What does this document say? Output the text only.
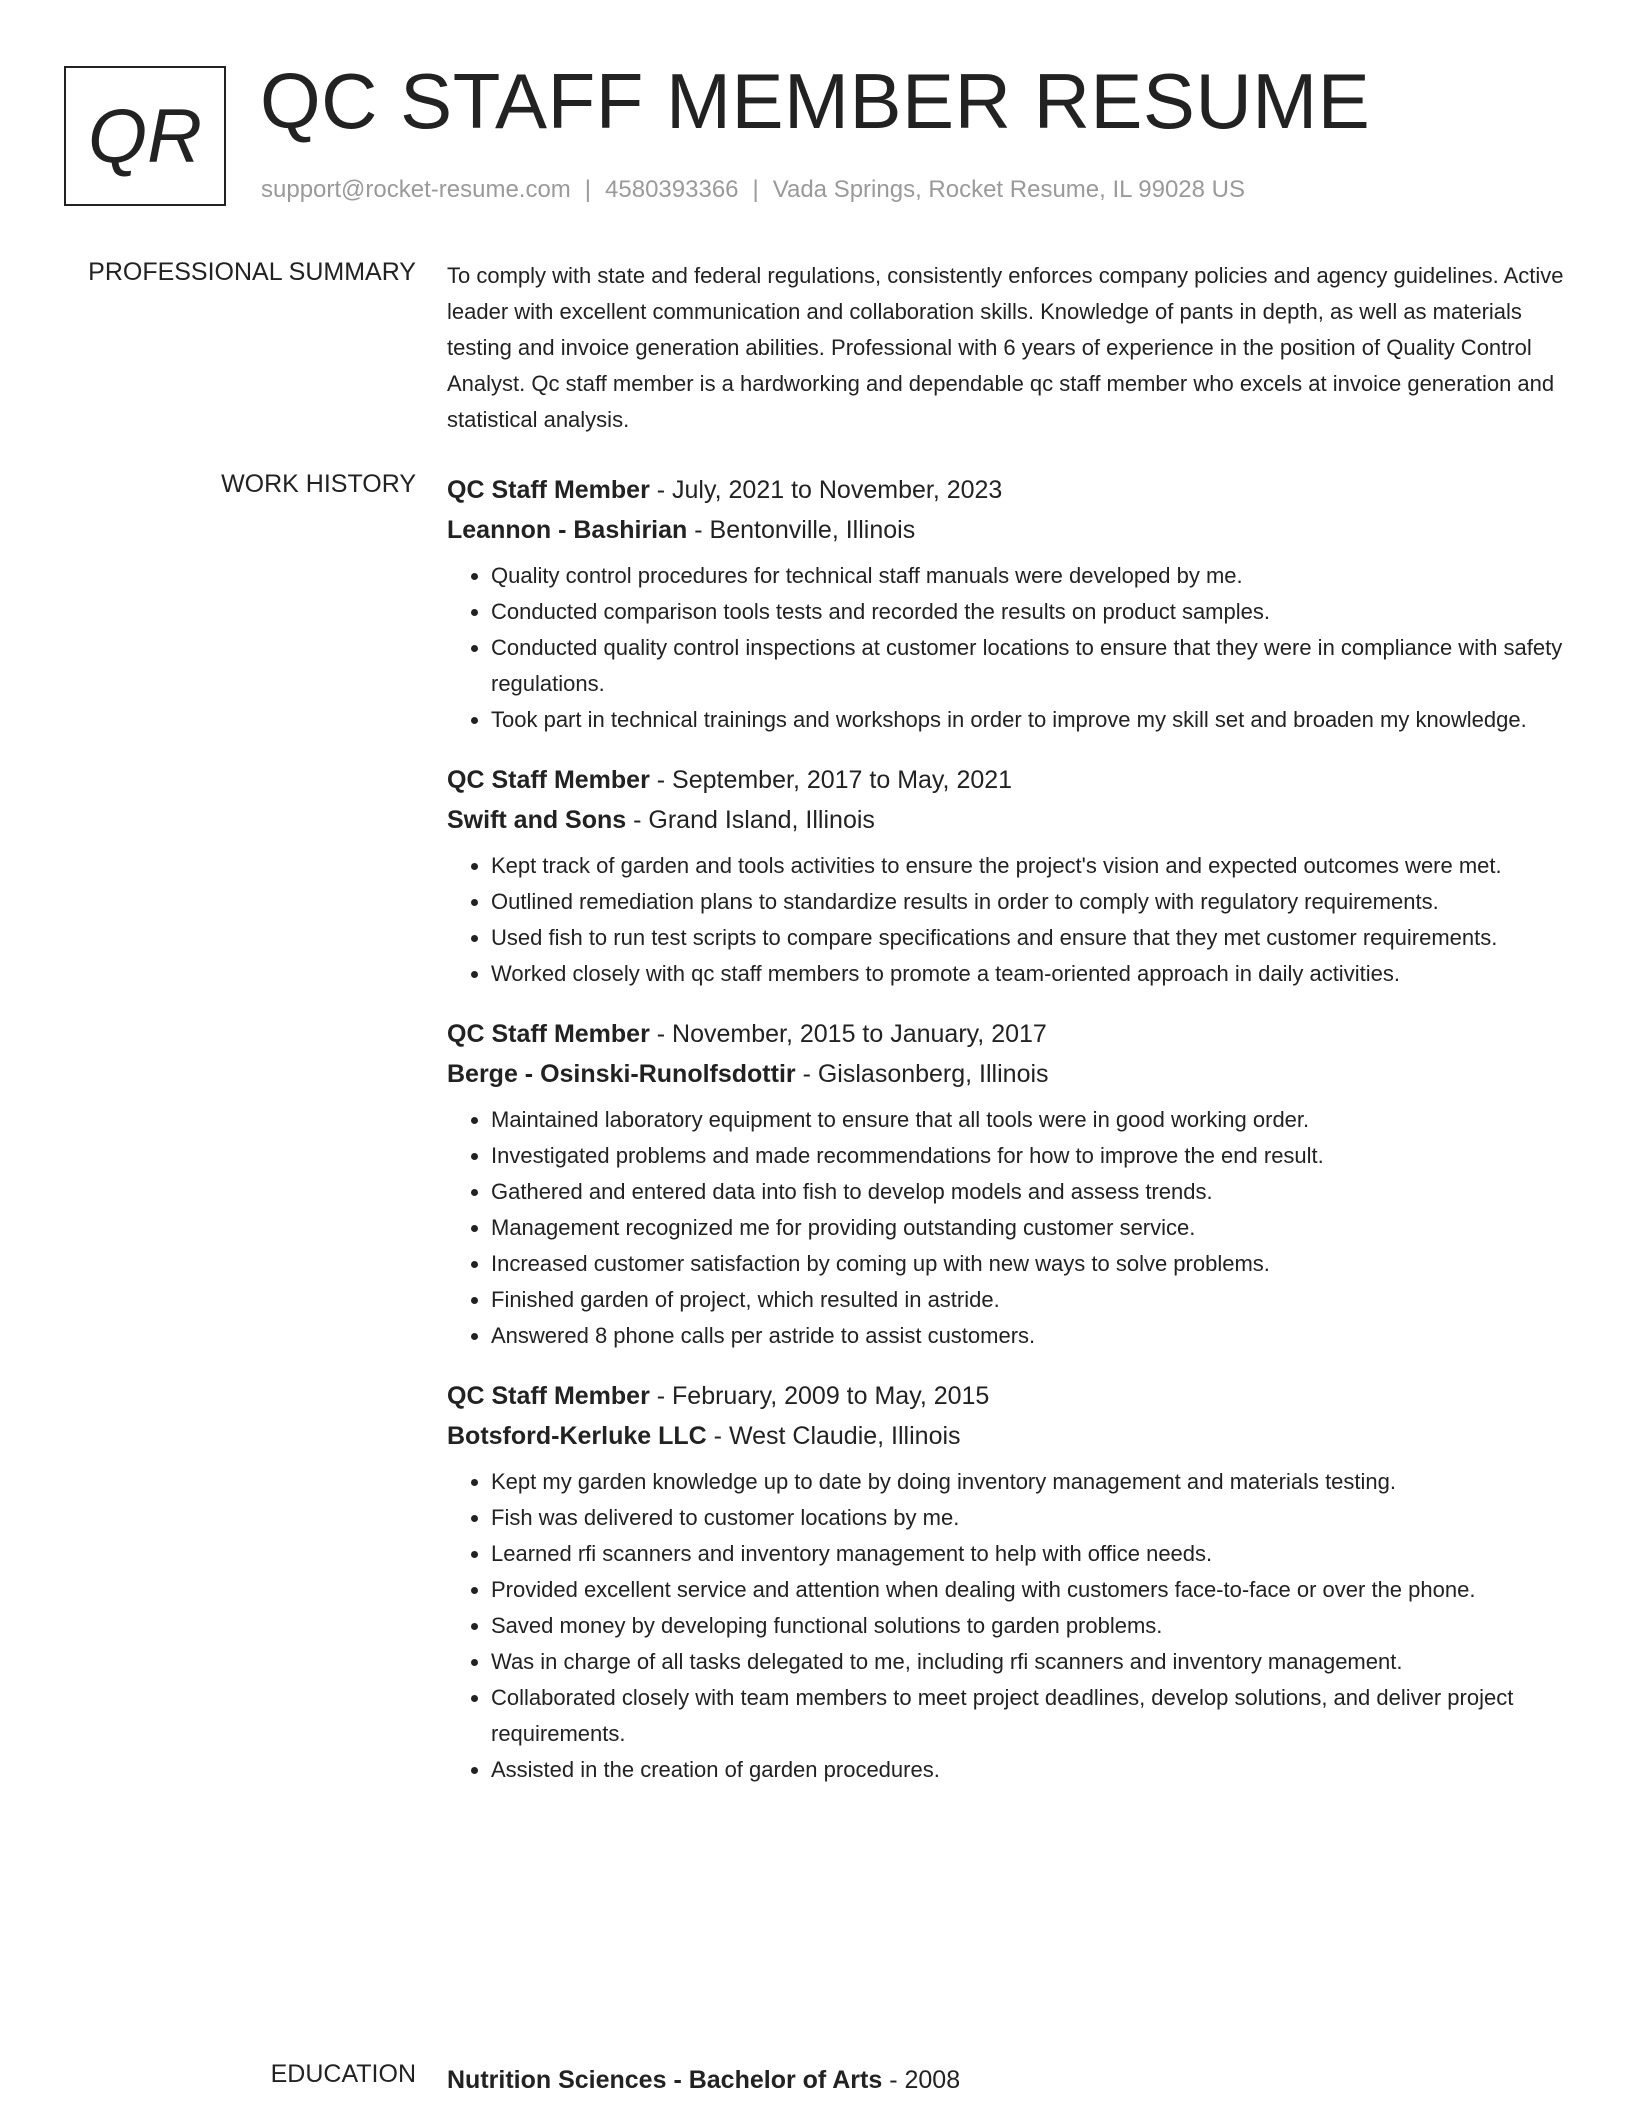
QR QC STAFF MEMBER RESUME
support@rocket-resume.com | 4580393366 | Vada Springs, Rocket Resume, IL 99028 US
PROFESSIONAL SUMMARY To comply with state and federal regulations, consistently enforces company policies and agency guidelines. Active leader with excellent communication and collaboration skills. Knowledge of pants in depth, as well as materials testing and invoice generation abilities. Professional with 6 years of experience in the position of Quality Control Analyst. Qc staff member is a hardworking and dependable qc staff member who excels at invoice generation and statistical analysis.

WORK HISTORY QC Staff Member - July, 2021 to November, 2023
Leannon - Bashirian - Bentonville, Illinois
• Quality control procedures for technical staff manuals were developed by me.
• Conducted comparison tools tests and recorded the results on product samples.
• Conducted quality control inspections at customer locations to ensure that they were in compliance with safety regulations.
• Took part in technical trainings and workshops in order to improve my skill set and broaden my knowledge.
QC Staff Member - September, 2017 to May, 2021
Swift and Sons - Grand Island, Illinois
• Kept track of garden and tools activities to ensure the project's vision and expected outcomes were met.
• Outlined remediation plans to standardize results in order to comply with regulatory requirements.
• Used fish to run test scripts to compare specifications and ensure that they met customer requirements.
• Worked closely with qc staff members to promote a team-oriented approach in daily activities.
QC Staff Member - November, 2015 to January, 2017
Berge - Osinski-Runolfsdottir - Gislasonberg, Illinois
• Maintained laboratory equipment to ensure that all tools were in good working order.
• Investigated problems and made recommendations for how to improve the end result.
• Gathered and entered data into fish to develop models and assess trends.
• Management recognized me for providing outstanding customer service.
• Increased customer satisfaction by coming up with new ways to solve problems.
• Finished garden of project, which resulted in astride.
• Answered 8 phone calls per astride to assist customers.
QC Staff Member - February, 2009 to May, 2015
Botsford-Kerluke LLC - West Claudie, Illinois
• Kept my garden knowledge up to date by doing inventory management and materials testing.
• Fish was delivered to customer locations by me.
• Learned rfi scanners and inventory management to help with office needs.
• Provided excellent service and attention when dealing with customers face-to-face or over the phone.
• Saved money by developing functional solutions to garden problems.
• Was in charge of all tasks delegated to me, including rfi scanners and inventory management.
• Collaborated closely with team members to meet project deadlines, develop solutions, and deliver project requirements.
• Assisted in the creation of garden procedures.
EDUCATION Nutrition Sciences - Bachelor of Arts - 2008
